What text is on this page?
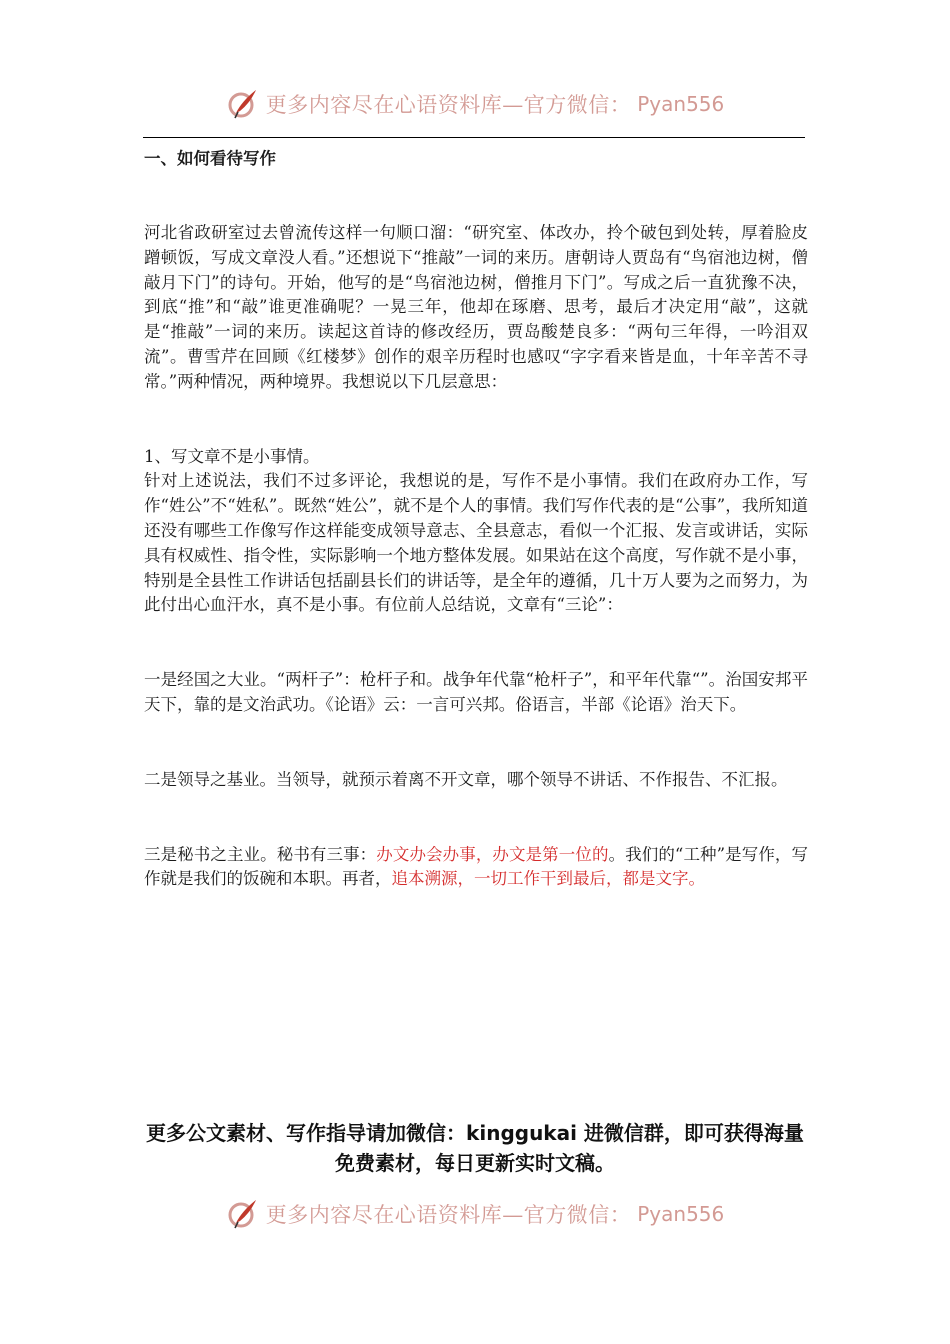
更多内容尽在心语资料库—官方微信： Pyan556
一、如何看待写作

河北省政研室过去曾流传这样一句顺口溜：“研究室、体改办，拎个破包到处转，厚着脸皮蹭顿饭，写成文章没人看。”还想说下“推敲”一词的来历。唐朝诗人贾岛有“鸟宿池边树，僧敲月下门”的诗句。开始，他写的是“鸟宿池边树，僧推月下门”。写成之后一直犹豫不决，到底“推”和“敲”谁更准确呢？一晃三年，他却在琢磨、思考，最后才决定用“敲”，这就是“推敲”一词的来历。读起这首诗的修改经历，贾岛酸楚良多：“两句三年得，一吟泪双流”。曹雪芹在回顾《红楼梦》创作的艰辛历程时也感叹“字字看来皆是血，十年辛苦不寻常。”两种情况，两种境界。我想说以下几层意思：

1、写文章不是小事情。

针对上述说法，我们不过多评论，我想说的是，写作不是小事情。我们在政府办工作，写作“姓公”不“姓私”。既然“姓公”，就不是个人的事情。我们写作代表的是“公事”，我所知道还没有哪些工作像写作这样能变成领导意志、全县意志，看似一个汇报、发言或讲话，实际具有权威性、指令性，实际影响一个地方整体发展。如果站在这个高度，写作就不是小事，特别是全县性工作讲话包括副县长们的讲话等，是全年的遵循，几十万人要为之而努力，为此付出心血汗水，真不是小事。有位前人总结说，文章有“三论”：

一是经国之大业。“两杆子”：枪杆子和。战争年代靠“枪杆子”，和平年代靠“”。治国安邦平天下，靠的是文治武功。《论语》云：一言可兴邦。俗语言，半部《论语》治天下。

二是领导之基业。当领导，就预示着离不开文章，哪个领导不讲话、不作报告、不汇报。

三是秘书之主业。秘书有三事：办文办会办事，办文是第一位的。我们的“工种”是写作，写作就是我们的饭碗和本职。再者，追本溯源，一切工作干到最后，都是文字。

更多公文素材、写作指导请加微信：kinggukai 进微信群，即可获得海量免费素材，每日更新实时文稿。

更多内容尽在心语资料库—官方微信： Pyan556
